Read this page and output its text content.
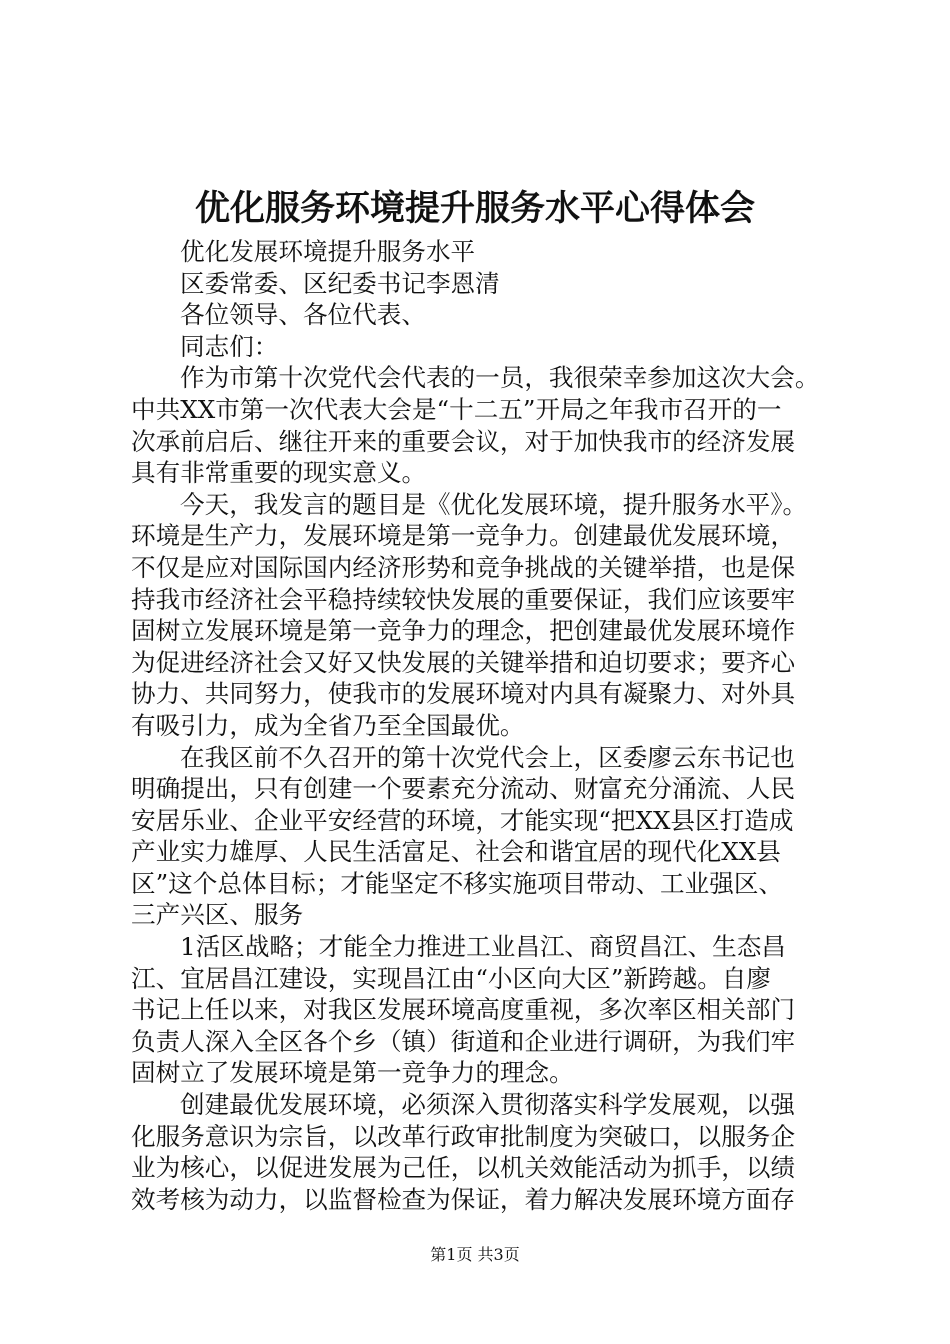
优化服务环境提升服务水平心得体会
优化发展环境提升服务水平
区委常委、区纪委书记李恩清
各位领导、各位代表、
同志们：
作为市第十次党代会代表的一员，我很荣幸参加这次大会。
中共XX市第一次代表大会是“十二五”开局之年我市召开的一
次承前启后、继往开来的重要会议，对于加快我市的经济发展
具有非常重要的现实意义。
今天，我发言的题目是《优化发展环境，提升服务水平》。
环境是生产力，发展环境是第一竞争力。创建最优发展环境，
不仅是应对国际国内经济形势和竞争挑战的关键举措，也是保
持我市经济社会平稳持续较快发展的重要保证，我们应该要牢
固树立发展环境是第一竞争力的理念，把创建最优发展环境作
为促进经济社会又好又快发展的关键举措和迫切要求；要齐心
协力、共同努力，使我市的发展环境对内具有凝聚力、对外具
有吸引力，成为全省乃至全国最优。
在我区前不久召开的第十次党代会上，区委廖云东书记也
明确提出，只有创建一个要素充分流动、财富充分涌流、人民
安居乐业、企业平安经营的环境，才能实现“把XX县区打造成
产业实力雄厚、人民生活富足、社会和谐宜居的现代化XX县
区”这个总体目标；才能坚定不移实施项目带动、工业强区、
三产兴区、服务
1活区战略；才能全力推进工业昌江、商贸昌江、生态昌
江、宜居昌江建设，实现昌江由“小区向大区”新跨越。自廖
书记上任以来，对我区发展环境高度重视，多次率区相关部门
负责人深入全区各个乡（镇）街道和企业进行调研，为我们牢
固树立了发展环境是第一竞争力的理念。
创建最优发展环境，必须深入贯彻落实科学发展观，以强
化服务意识为宗旨，以改革行政审批制度为突破口，以服务企
业为核心，以促进发展为己任，以机关效能活动为抓手，以绩
效考核为动力，以监督检查为保证，着力解决发展环境方面存
第1页 共3页
